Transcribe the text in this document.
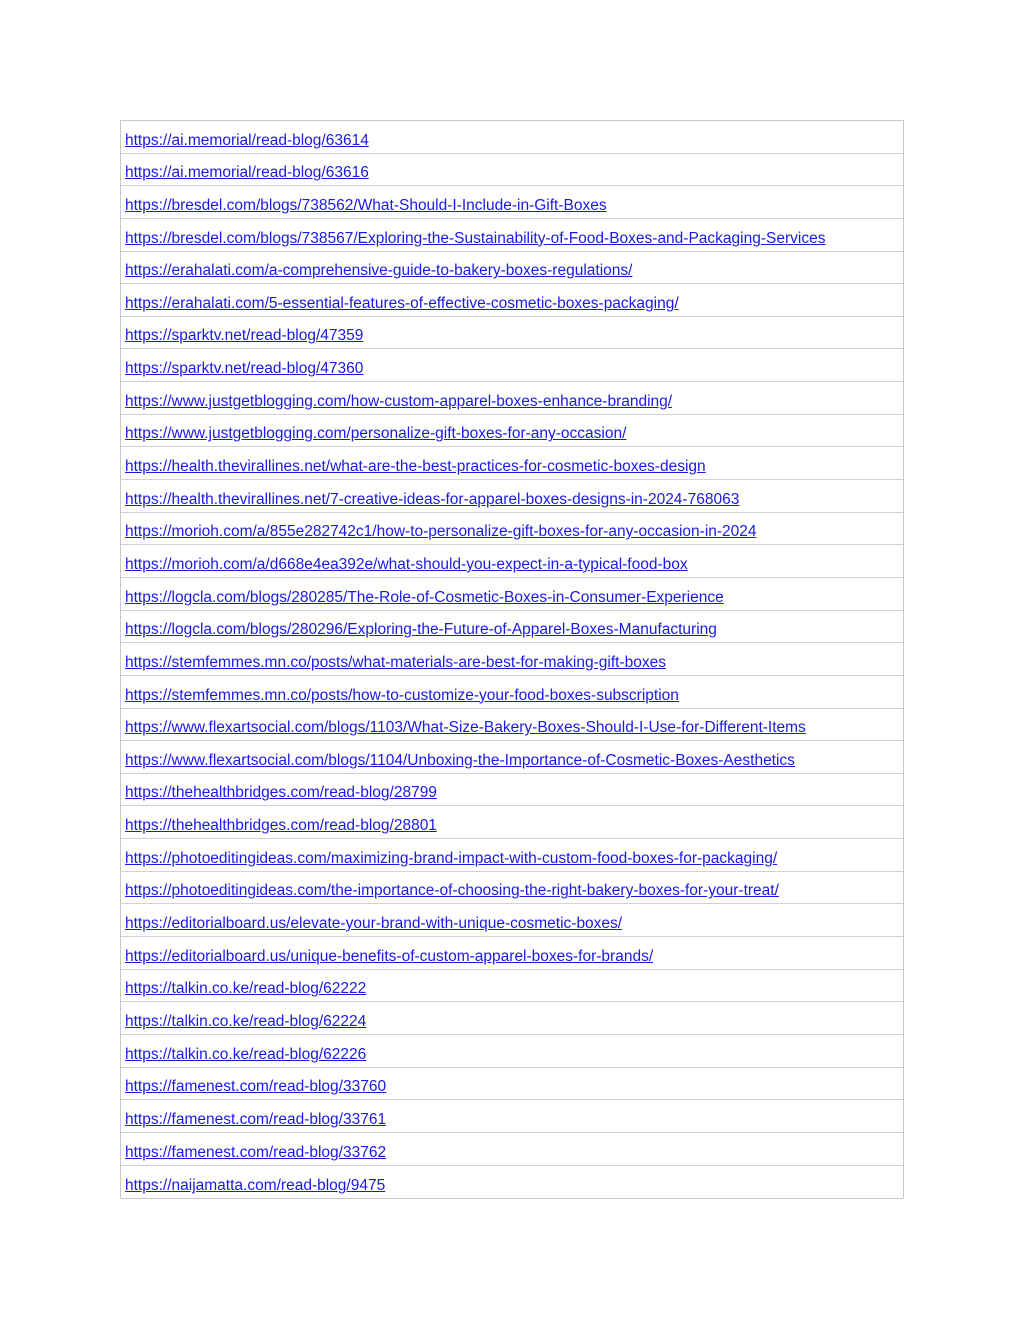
https://ai.memorial/read-blog/63614
https://ai.memorial/read-blog/63616
https://bresdel.com/blogs/738562/What-Should-I-Include-in-Gift-Boxes
https://bresdel.com/blogs/738567/Exploring-the-Sustainability-of-Food-Boxes-and-Packaging-Services
https://erahalati.com/a-comprehensive-guide-to-bakery-boxes-regulations/
https://erahalati.com/5-essential-features-of-effective-cosmetic-boxes-packaging/
https://sparktv.net/read-blog/47359
https://sparktv.net/read-blog/47360
https://www.justgetblogging.com/how-custom-apparel-boxes-enhance-branding/
https://www.justgetblogging.com/personalize-gift-boxes-for-any-occasion/
https://health.thevirallines.net/what-are-the-best-practices-for-cosmetic-boxes-design
https://health.thevirallines.net/7-creative-ideas-for-apparel-boxes-designs-in-2024-768063
https://morioh.com/a/855e282742c1/how-to-personalize-gift-boxes-for-any-occasion-in-2024
https://morioh.com/a/d668e4ea392e/what-should-you-expect-in-a-typical-food-box
https://logcla.com/blogs/280285/The-Role-of-Cosmetic-Boxes-in-Consumer-Experience
https://logcla.com/blogs/280296/Exploring-the-Future-of-Apparel-Boxes-Manufacturing
https://stemfemmes.mn.co/posts/what-materials-are-best-for-making-gift-boxes
https://stemfemmes.mn.co/posts/how-to-customize-your-food-boxes-subscription
https://www.flexartsocial.com/blogs/1103/What-Size-Bakery-Boxes-Should-I-Use-for-Different-Items
https://www.flexartsocial.com/blogs/1104/Unboxing-the-Importance-of-Cosmetic-Boxes-Aesthetics
https://thehealthbridges.com/read-blog/28799
https://thehealthbridges.com/read-blog/28801
https://photoeditingideas.com/maximizing-brand-impact-with-custom-food-boxes-for-packaging/
https://photoeditingideas.com/the-importance-of-choosing-the-right-bakery-boxes-for-your-treat/
https://editorialboard.us/elevate-your-brand-with-unique-cosmetic-boxes/
https://editorialboard.us/unique-benefits-of-custom-apparel-boxes-for-brands/
https://talkin.co.ke/read-blog/62222
https://talkin.co.ke/read-blog/62224
https://talkin.co.ke/read-blog/62226
https://famenest.com/read-blog/33760
https://famenest.com/read-blog/33761
https://famenest.com/read-blog/33762
https://naijamatta.com/read-blog/9475
